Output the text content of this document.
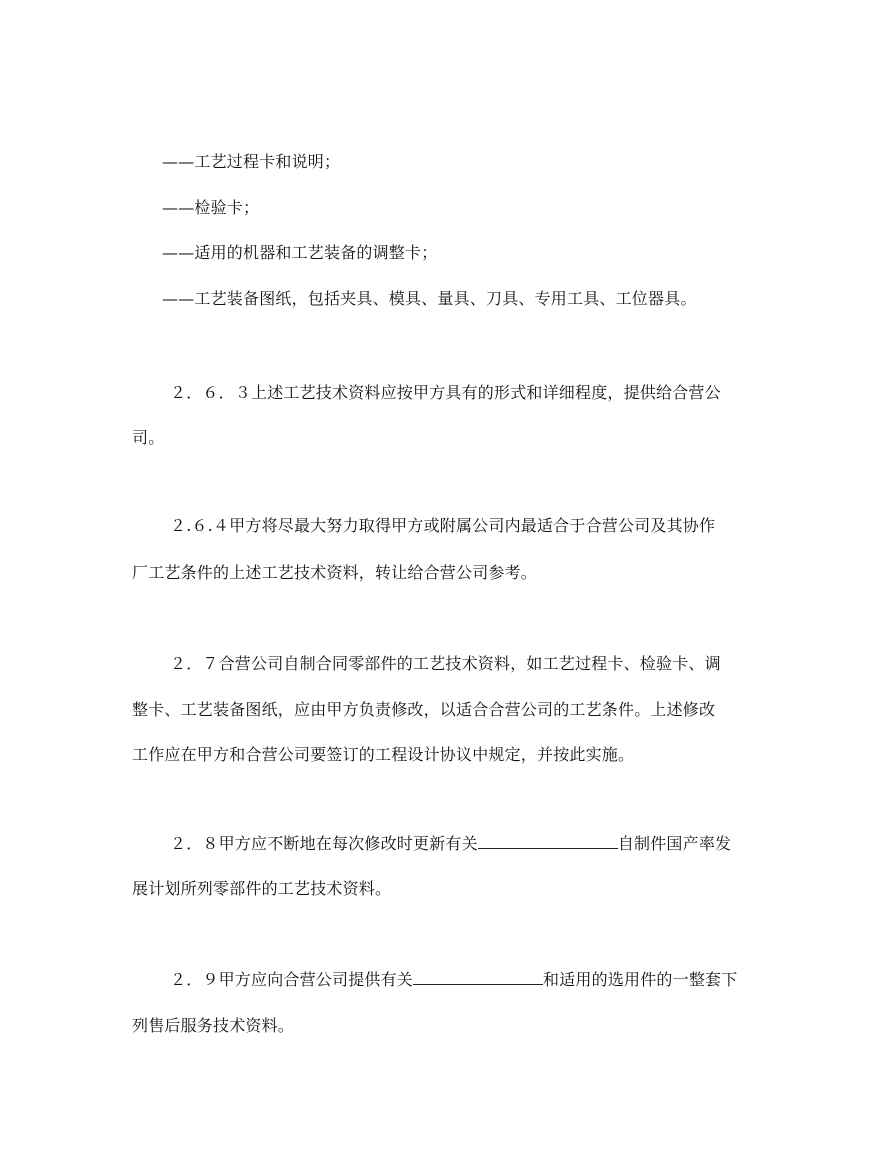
——工艺过程卡和说明；
——检验卡；
——适用的机器和工艺装备的调整卡；
——工艺装备图纸，包括夹具、模具、量具、刀具、专用工具、工位器具。
２．６．３上述工艺技术资料应按甲方具有的形式和详细程度，提供给合营公
司。
２.６.４甲方将尽最大努力取得甲方或附属公司内最适合于合营公司及其协作
厂工艺条件的上述工艺技术资料，转让给合营公司参考。
２．７合营公司自制合同零部件的工艺技术资料，如工艺过程卡、检验卡、调
整卡、工艺装备图纸，应由甲方负责修改，以适合合营公司的工艺条件。上述修改
工作应在甲方和合营公司要签订的工程设计协议中规定，并按此实施。
２．８甲方应不断地在每次修改时更新有关	自制件国产率发
展计划所列零部件的工艺技术资料。
２．９甲方应向合营公司提供有关	和适用的选用件的一整套下
列售后服务技术资料。
